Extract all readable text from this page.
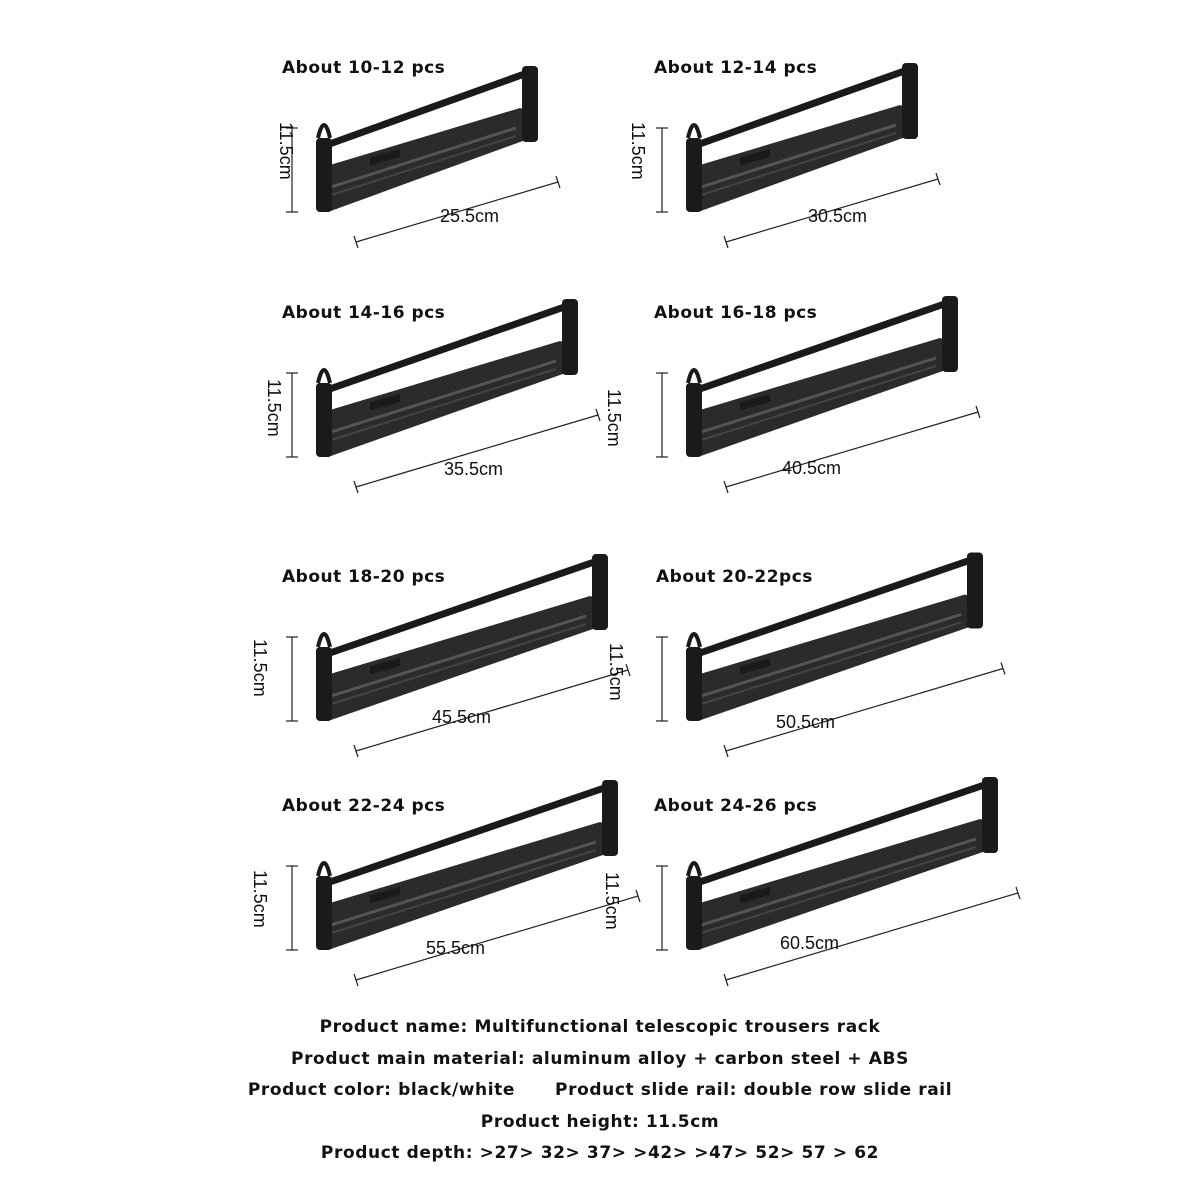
About 10-12 pcs
11.5cm
25.5cm
About 12-14 pcs
11.5cm
30.5cm
About 14-16 pcs
11.5cm
35.5cm
About 16-18 pcs
11.5cm
40.5cm
About 18-20 pcs
11.5cm
45.5cm
About 20-22pcs
11.5cm
50.5cm
About 22-24 pcs
11.5cm
55.5cm
About 24-26 pcs
11.5cm
60.5cm
Product name: Multifunctional telescopic trousers rack
Product main material: aluminum alloy + carbon steel + ABS
Product color: black/white Product slide rail: double row slide rail
Product height: 11.5cm
Product depth: >27> 32> 37> >42> >47> 52> 57 > 62
